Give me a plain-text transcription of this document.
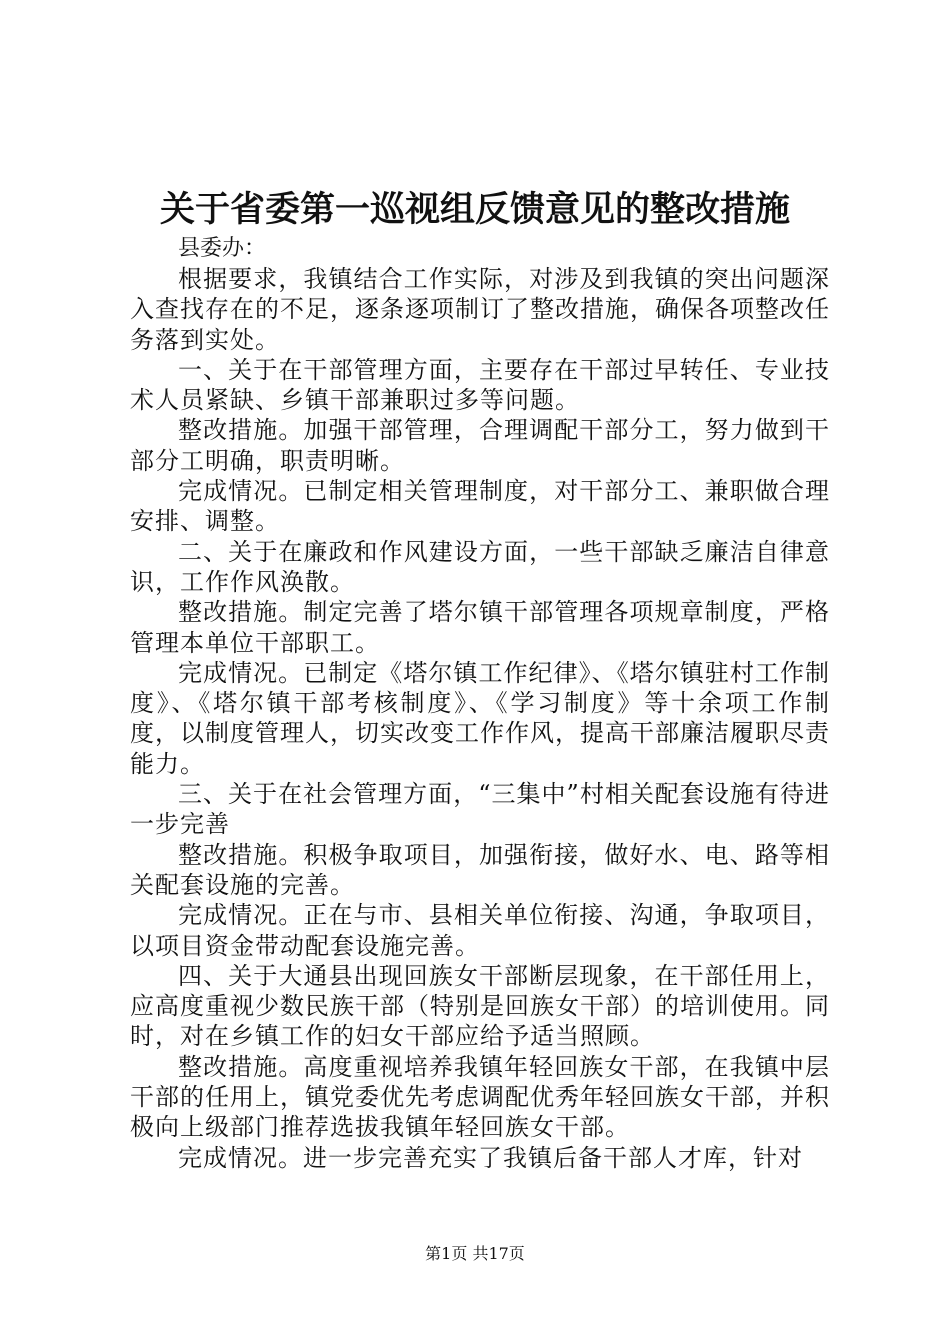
关于省委第一巡视组反馈意见的整改措施

县委办：

根据要求，我镇结合工作实际，对涉及到我镇的突出问题深入查找存在的不足，逐条逐项制订了整改措施，确保各项整改任务落到实处。

一、关于在干部管理方面，主要存在干部过早转任、专业技术人员紧缺、乡镇干部兼职过多等问题。

整改措施。加强干部管理，合理调配干部分工，努力做到干部分工明确，职责明晰。

完成情况。已制定相关管理制度，对干部分工、兼职做合理安排、调整。

二、关于在廉政和作风建设方面，一些干部缺乏廉洁自律意识，工作作风涣散。

整改措施。制定完善了塔尔镇干部管理各项规章制度，严格管理本单位干部职工。

完成情况。已制定《塔尔镇工作纪律》、《塔尔镇驻村工作制度》、《塔尔镇干部考核制度》、《学习制度》等十余项工作制度，以制度管理人，切实改变工作作风，提高干部廉洁履职尽责能力。

三、关于在社会管理方面，“三集中”村相关配套设施有待进一步完善

整改措施。积极争取项目，加强衔接，做好水、电、路等相关配套设施的完善。

完成情况。正在与市、县相关单位衔接、沟通，争取项目，以项目资金带动配套设施完善。

四、关于大通县出现回族女干部断层现象，在干部任用上，应高度重视少数民族干部（特别是回族女干部）的培训使用。同时，对在乡镇工作的妇女干部应给予适当照顾。

整改措施。高度重视培养我镇年轻回族女干部，在我镇中层干部的任用上，镇党委优先考虑调配优秀年轻回族女干部，并积极向上级部门推荐选拔我镇年轻回族女干部。

完成情况。进一步完善充实了我镇后备干部人才库，针对

第1页 共17页
